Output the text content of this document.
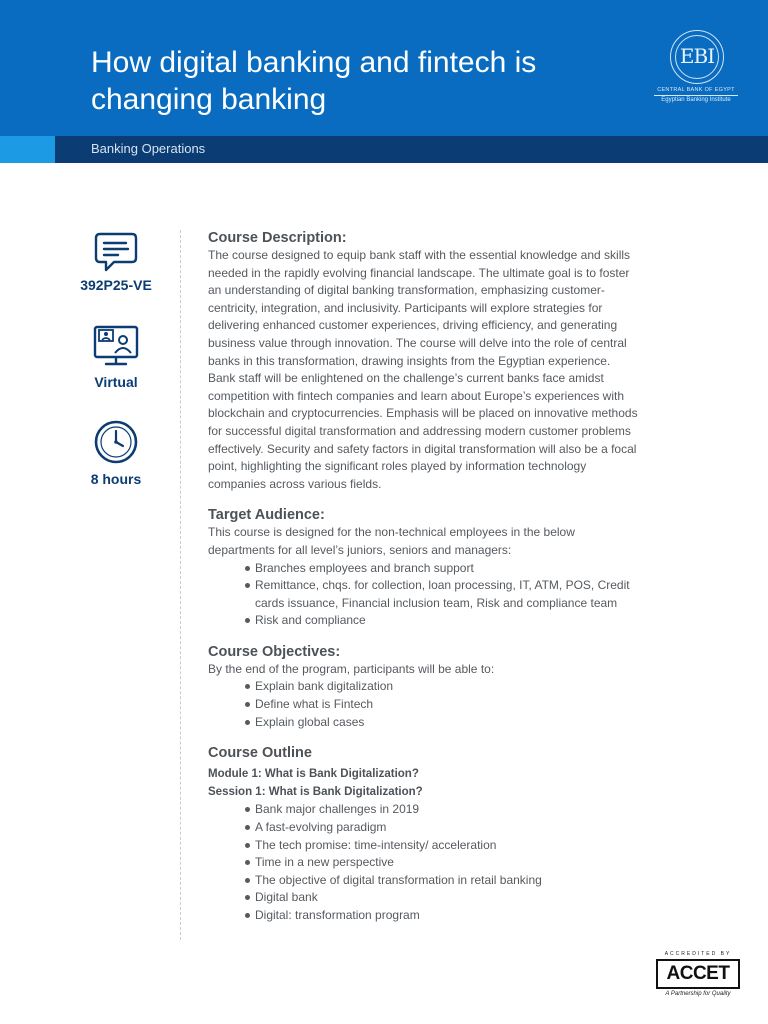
How digital banking and fintech is changing banking
EBI
CENTRAL BANK OF EGYPT
Egyptian Banking Institute
Banking Operations
392P25-VE
Virtual
8 hours
Course Description:

The course designed to equip bank staff with the essential knowledge and skills needed in the rapidly evolving financial landscape. The ultimate goal is to foster an understanding of digital banking transformation, emphasizing customer-centricity, integration, and inclusivity. Participants will explore strategies for delivering enhanced customer experiences, driving efficiency, and generating business value through innovation. The course will delve into the role of central banks in this transformation, drawing insights from the Egyptian experience. Bank staff will be enlightened on the challenge’s current banks face amidst competition with fintech companies and learn about Europe’s experiences with blockchain and cryptocurrencies. Emphasis will be placed on innovative methods for successful digital transformation and addressing modern customer problems effectively. Security and safety factors in digital transformation will also be a focal point, highlighting the significant roles played by information technology companies across various fields.

Target Audience:

This course is designed for the non-technical employees in the below departments for all level’s juniors, seniors and managers:

Branches employees and branch support
Remittance, chqs. for collection, loan processing, IT, ATM, POS, Credit cards issuance, Financial inclusion team, Risk and compliance team
Risk and compliance
Course Objectives:

By the end of the program, participants will be able to:

Explain bank digitalization
Define what is Fintech
Explain global cases
Course Outline
Module 1: What is Bank Digitalization?
Session 1: What is Bank Digitalization?
Bank major challenges in 2019
A fast-evolving paradigm
The tech promise: time-intensity/ acceleration
Time in a new perspective
The objective of digital transformation in retail banking
Digital bank
Digital: transformation program
ACCREDITED BY
ACCET
A Partnership for Quality
